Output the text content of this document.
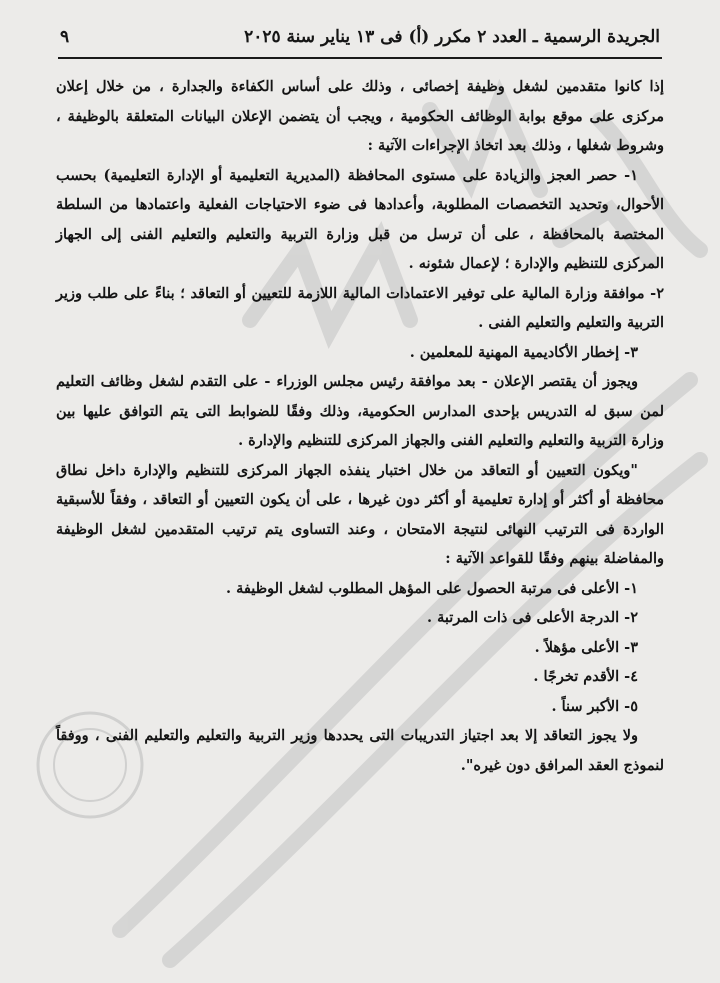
الجريدة الرسمية ـ العدد ٢ مكرر (أ) فى ١٣ يناير سنة ٢٠٢٥
٩

إذا كانوا متقدمين لشغل وظيفة إخصائى ، وذلك على أساس الكفاءة والجدارة ، من خلال إعلان مركزى على موقع بوابة الوظائف الحكومية ، ويجب أن يتضمن الإعلان البيانات المتعلقة بالوظيفة ، وشروط شغلها ، وذلك بعد اتخاذ الإجراءات الآتية :

١- حصر العجز والزيادة على مستوى المحافظة (المديرية التعليمية أو الإدارة التعليمية) بحسب الأحوال، وتحديد التخصصات المطلوبة، وأعدادها فى ضوء الاحتياجات الفعلية واعتمادها من السلطة المختصة بالمحافظة ، على أن ترسل من قبل وزارة التربية والتعليم والتعليم الفنى إلى الجهاز المركزى للتنظيم والإدارة ؛ لإعمال شئونه .

٢- موافقة وزارة المالية على توفير الاعتمادات المالية اللازمة للتعيين أو التعاقد ؛ بناءً على طلب وزير التربية والتعليم والتعليم الفنى .

٣- إخطار الأكاديمية المهنية للمعلمين .

ويجوز أن يقتصر الإعلان - بعد موافقة رئيس مجلس الوزراء - على التقدم لشغل وظائف التعليم لمن سبق له التدريس بإحدى المدارس الحكومية، وذلك وفقًا للضوابط التى يتم التوافق عليها بين وزارة التربية والتعليم والتعليم الفنى والجهاز المركزى للتنظيم والإدارة .

"ويكون التعيين أو التعاقد من خلال اختبار ينفذه الجهاز المركزى للتنظيم والإدارة داخل نطاق محافظة أو أكثر أو إدارة تعليمية أو أكثر دون غيرها ، على أن يكون التعيين أو التعاقد ، وفقاً للأسبقية الواردة فى الترتيب النهائى لنتيجة الامتحان ، وعند التساوى يتم ترتيب المتقدمين لشغل الوظيفة والمفاضلة بينهم وفقًا للقواعد الآتية :

١- الأعلى فى مرتبة الحصول على المؤهل المطلوب لشغل الوظيفة .

٢- الدرجة الأعلى فى ذات المرتبة .

٣- الأعلى مؤهلاً .

٤- الأقدم تخرجًا .

٥- الأكبر سناً .

ولا يجوز التعاقد إلا بعد اجتياز التدريبات التى يحددها وزير التربية والتعليم والتعليم الفنى ، ووفقاً لنموذج العقد المرافق دون غيره".
